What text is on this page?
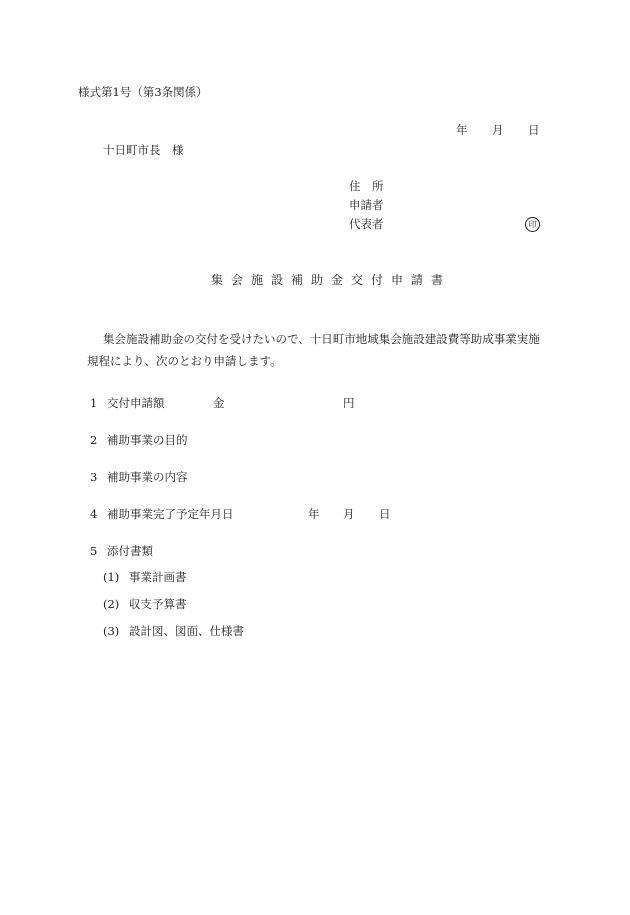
様式第1号（第3条関係）
年 月 日
十日町市長　様
住　所
申請者
代表者	印
集会施設補助金交付申請書
集会施設補助金の交付を受けたいので、十日町市地域集会施設建設費等助成事業実施
規程により、次のとおり申請します。
1 交付申請額	金	円
2 補助事業の目的
3 補助事業の内容
4 補助事業完了予定年月日	年 月 日
5 添付書類
(1) 事業計画書
(2) 収支予算書
(3) 設計図、図面、仕様書
